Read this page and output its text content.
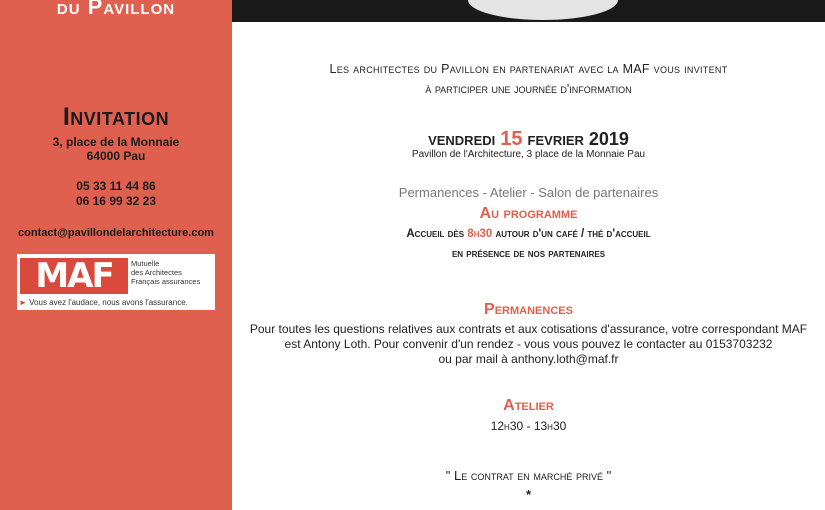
du Pavillon
Invitation
3, place de la Monnaie
64000 Pau
05 33 11 44 86
06 16 99 32 23
contact@pavillondelarchitecture.com
MAF	Mutuelle
des Architectes
Français assurances
► Vous avez l'audace, nous avons l'assurance.
Les architectes du Pavillon en partenariat avec la MAF vous invitent
à participer une journée d'information
vendredi 15 fevrier 2019
Pavillon de l'Architecture, 3 place de la Monnaie Pau
Permanences - Atelier - Salon de partenaires
Au programme
Accueil dès 8h30 autour d'un café / thé d'accueil
en présence de nos partenaires
Permanences
Pour toutes les questions relatives aux contrats et aux cotisations d'assurance, votre correspondant MAF
est Antony Loth. Pour convenir d'un rendez - vous vous pouvez le contacter au 0153703232
ou par mail à anthony.loth@maf.fr
Atelier
12h30 - 13h30
" Le contrat en marché privé "
*
